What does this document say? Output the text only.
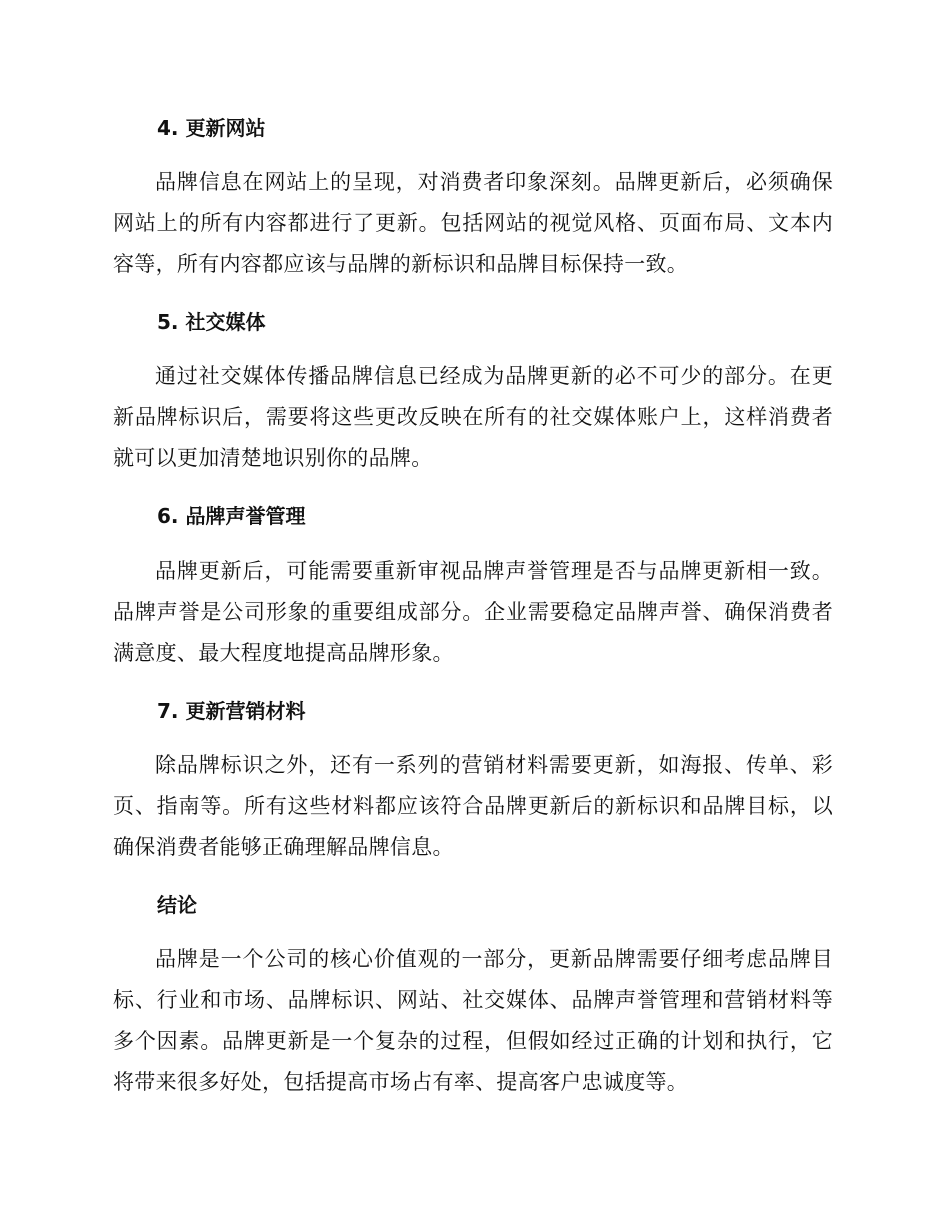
4. 更新网站
品牌信息在网站上的呈现，对消费者印象深刻。品牌更新后，必须确保网站上的所有内容都进行了更新。包括网站的视觉风格、页面布局、文本内容等，所有内容都应该与品牌的新标识和品牌目标保持一致。
5. 社交媒体
通过社交媒体传播品牌信息已经成为品牌更新的必不可少的部分。在更新品牌标识后，需要将这些更改反映在所有的社交媒体账户上，这样消费者就可以更加清楚地识别你的品牌。
6. 品牌声誉管理
品牌更新后，可能需要重新审视品牌声誉管理是否与品牌更新相一致。品牌声誉是公司形象的重要组成部分。企业需要稳定品牌声誉、确保消费者满意度、最大程度地提高品牌形象。
7. 更新营销材料
除品牌标识之外，还有一系列的营销材料需要更新，如海报、传单、彩页、指南等。所有这些材料都应该符合品牌更新后的新标识和品牌目标，以确保消费者能够正确理解品牌信息。
结论
品牌是一个公司的核心价值观的一部分，更新品牌需要仔细考虑品牌目标、行业和市场、品牌标识、网站、社交媒体、品牌声誉管理和营销材料等多个因素。品牌更新是一个复杂的过程，但假如经过正确的计划和执行，它将带来很多好处，包括提高市场占有率、提高客户忠诚度等。
